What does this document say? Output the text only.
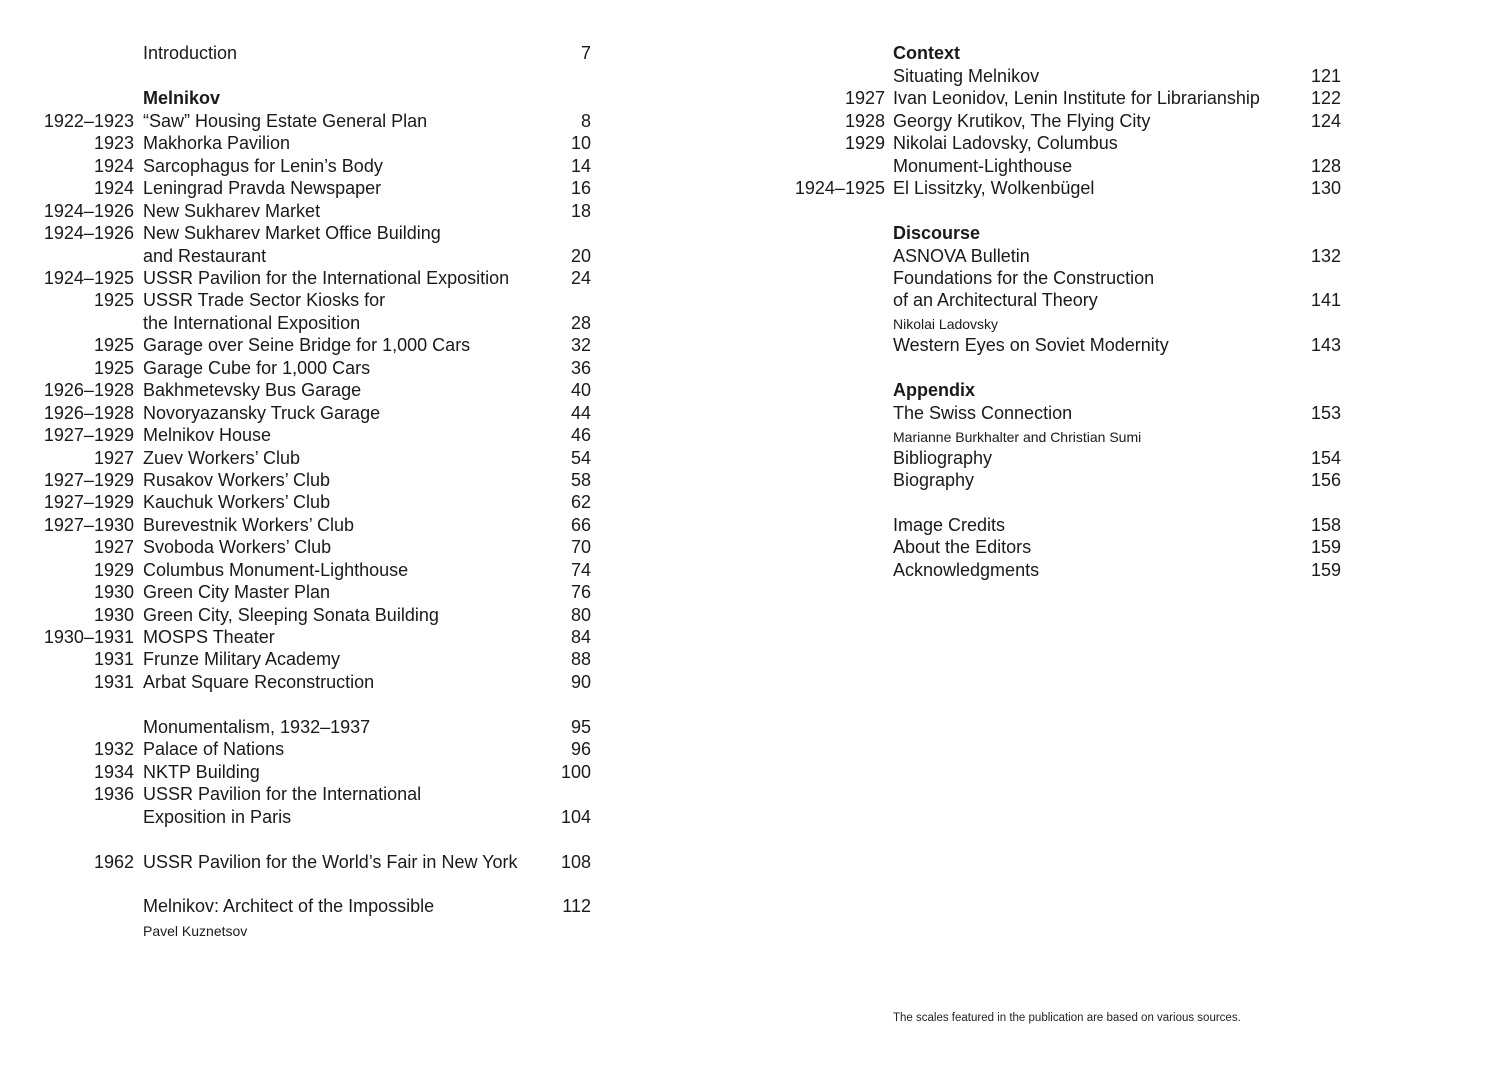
Introduction	7
Melnikov
1922–1923 “Saw” Housing Estate General Plan	8
1923 Makhorka Pavilion	10
1924 Sarcophagus for Lenin’s Body	14
1924 Leningrad Pravda Newspaper	16
1924–1926 New Sukharev Market	18
1924–1926 New Sukharev Market Office Building
and Restaurant	20
1924–1925 USSR Pavilion for the International Exposition	24
1925 USSR Trade Sector Kiosks for
the International Exposition	28
1925 Garage over Seine Bridge for 1,000 Cars	32
1925 Garage Cube for 1,000 Cars	36
1926–1928 Bakhmetevsky Bus Garage	40
1926–1928 Novoryazansky Truck Garage	44
1927–1929 Melnikov House	46
1927 Zuev Workers’ Club	54
1927–1929 Rusakov Workers’ Club	58
1927–1929 Kauchuk Workers’ Club	62
1927–1930 Burevestnik Workers’ Club	66
1927 Svoboda Workers’ Club	70
1929 Columbus Monument-Lighthouse	74
1930 Green City Master Plan	76
1930 Green City, Sleeping Sonata Building	80
1930–1931 MOSPS Theater	84
1931 Frunze Military Academy	88
1931 Arbat Square Reconstruction	90
Monumentalism, 1932–1937	95
1932 Palace of Nations	96
1934 NKTP Building	100
1936 USSR Pavilion for the International
Exposition in Paris	104
1962 USSR Pavilion for the World’s Fair in New York 108
Melnikov: Architect of the Impossible	112
Pavel Kuznetsov
Context
Situating Melnikov	121
1927 Ivan Leonidov, Lenin Institute for Librarianship	122
1928 Georgy Krutikov, The Flying City	124
1929 Nikolai Ladovsky, Columbus
Monument-Lighthouse	128
1924–1925 El Lissitzky, Wolkenbügel	130
Discourse
ASNOVA Bulletin	132
Foundations for the Construction
of an Architectural Theory	141
Nikolai Ladovsky
Western Eyes on Soviet Modernity	143
Appendix
The Swiss Connection	153
Marianne Burkhalter and Christian Sumi
Bibliography	154
Biography	156
Image Credits	158
About the Editors	159
Acknowledgments	159
The scales featured in the publication are based on various sources.
